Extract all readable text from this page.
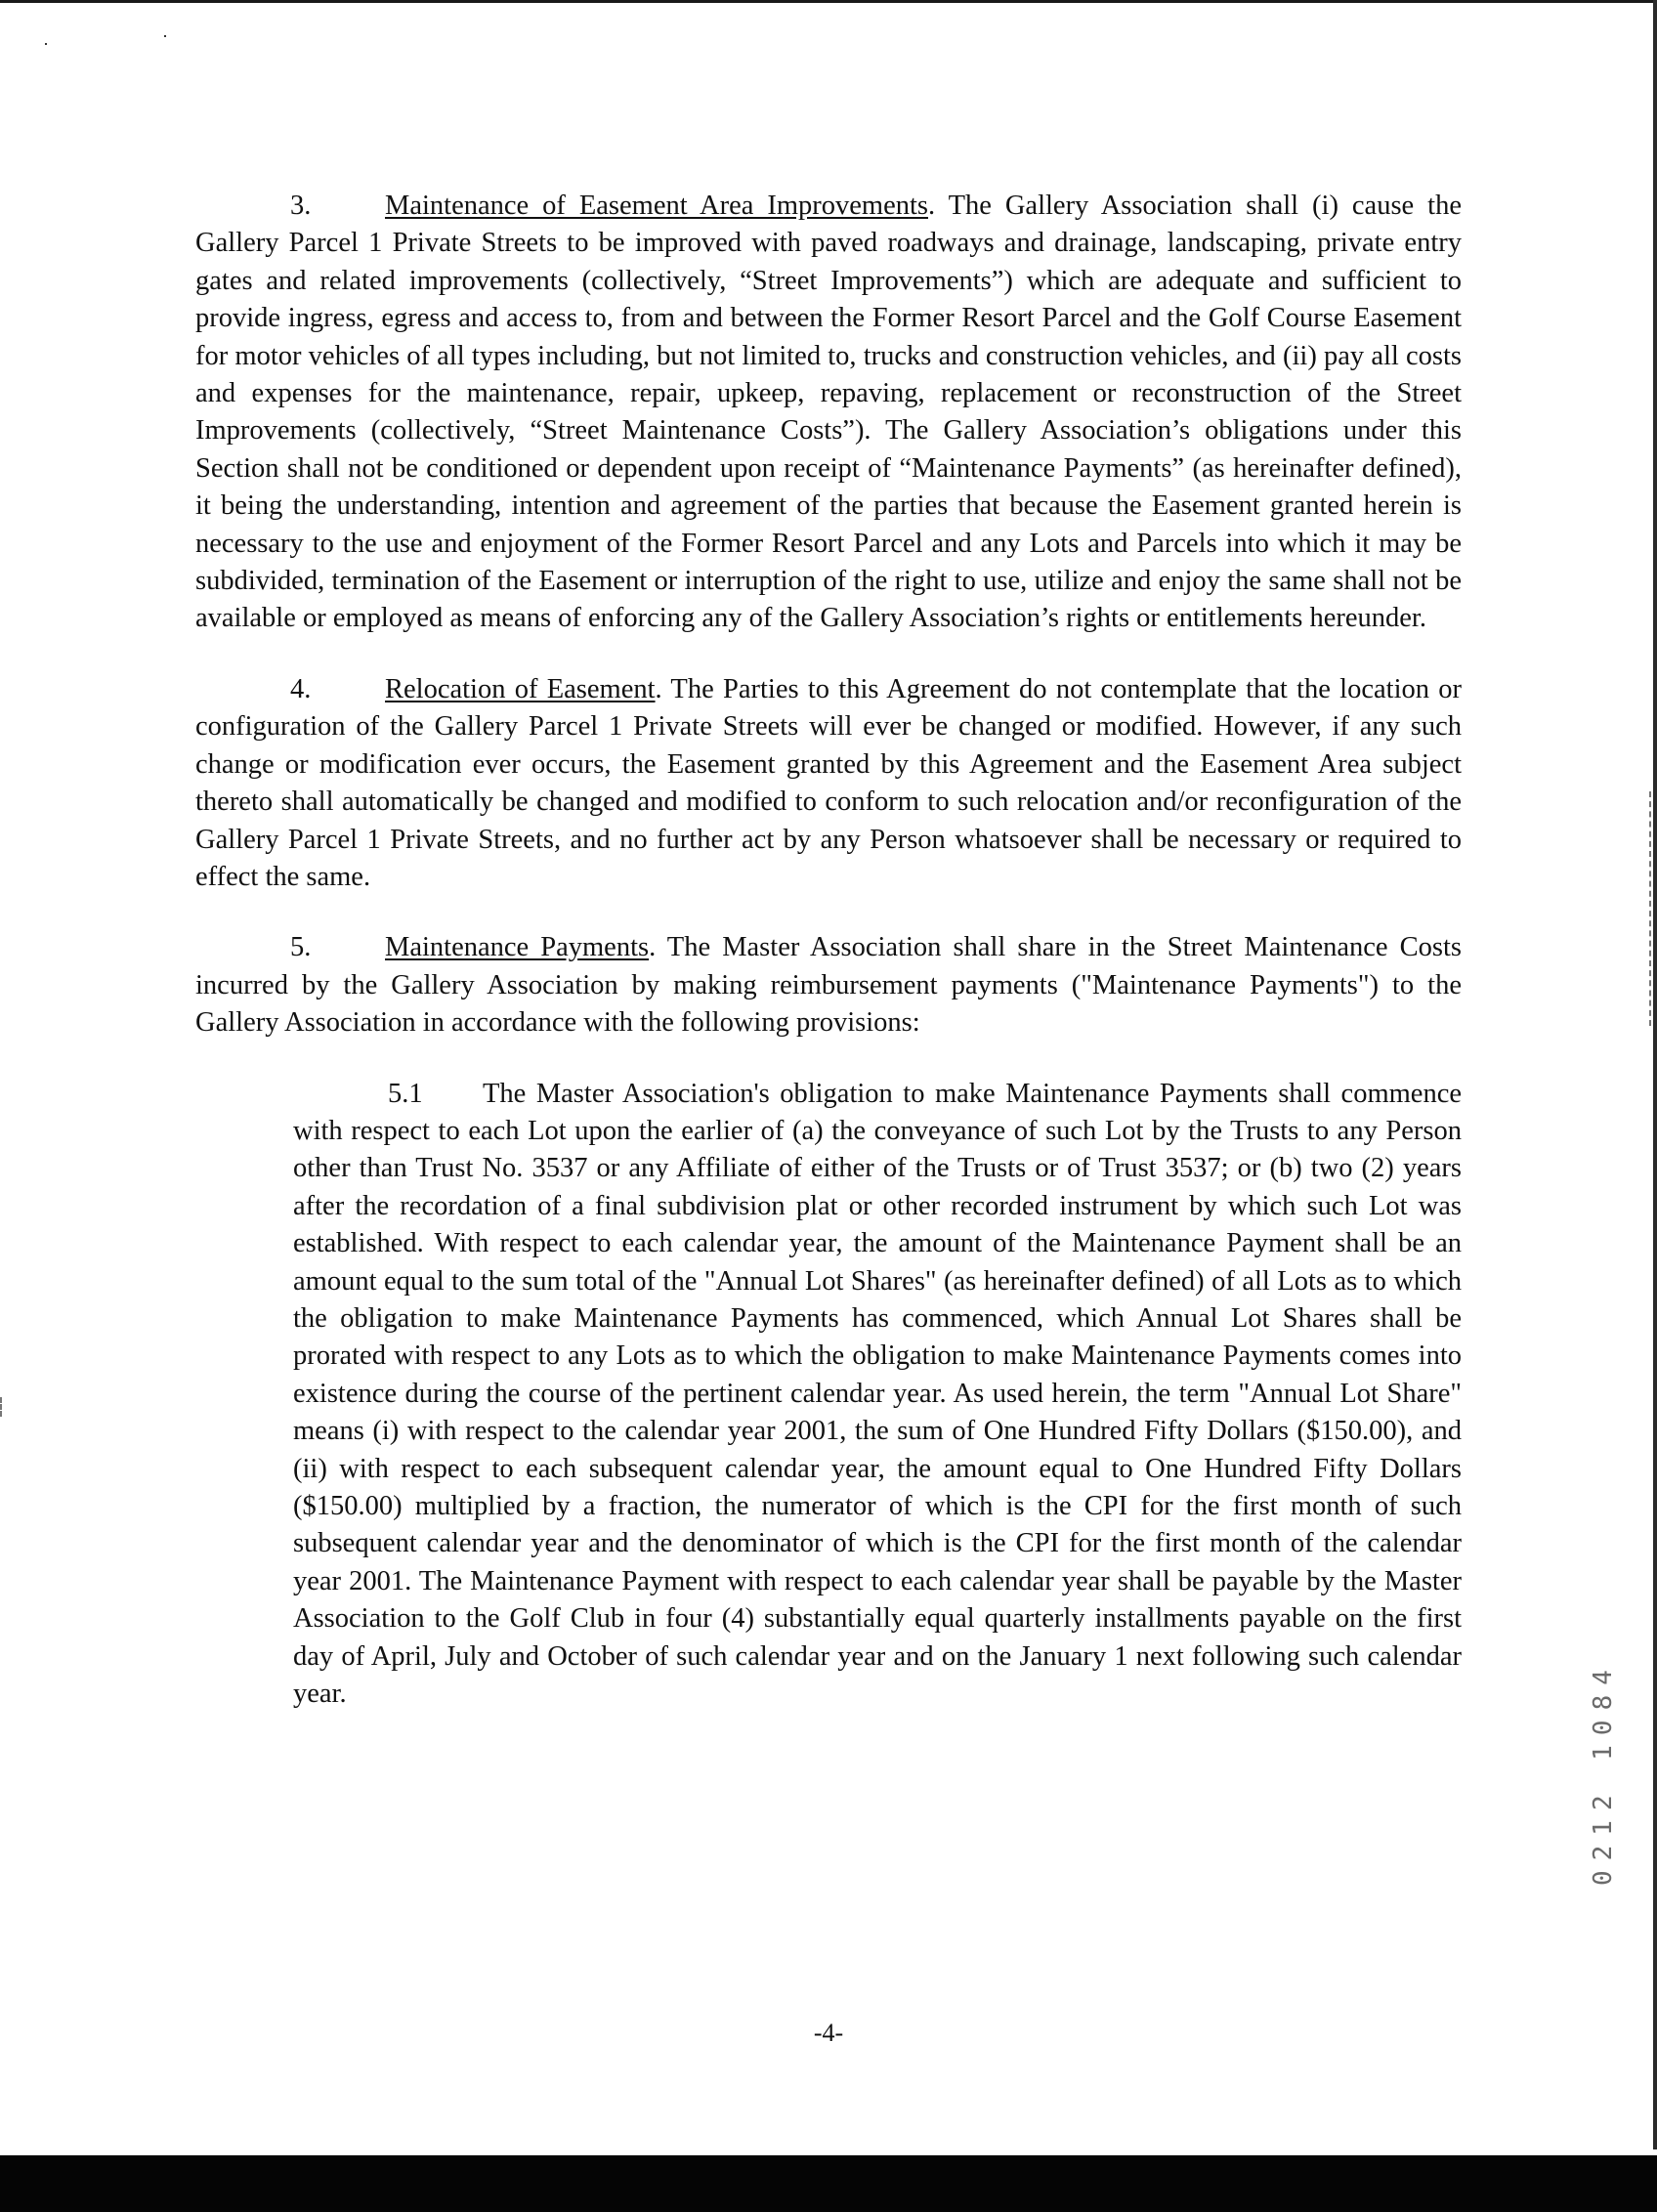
3.	Maintenance of Easement Area Improvements. The Gallery Association shall (i) cause the Gallery Parcel 1 Private Streets to be improved with paved roadways and drainage, landscaping, private entry gates and related improvements (collectively, “Street Improvements”) which are adequate and sufficient to provide ingress, egress and access to, from and between the Former Resort Parcel and the Golf Course Easement for motor vehicles of all types including, but not limited to, trucks and construction vehicles, and (ii) pay all costs and expenses for the maintenance, repair, upkeep, repaving, replacement or reconstruction of the Street Improvements (collectively, “Street Maintenance Costs”). The Gallery Association’s obligations under this Section shall not be conditioned or dependent upon receipt of “Maintenance Payments” (as hereinafter defined), it being the understanding, intention and agreement of the parties that because the Easement granted herein is necessary to the use and enjoyment of the Former Resort Parcel and any Lots and Parcels into which it may be subdivided, termination of the Easement or interruption of the right to use, utilize and enjoy the same shall not be available or employed as means of enforcing any of the Gallery Association’s rights or entitlements hereunder.

4.	Relocation of Easement. The Parties to this Agreement do not contemplate that the location or configuration of the Gallery Parcel 1 Private Streets will ever be changed or modified. However, if any such change or modification ever occurs, the Easement granted by this Agreement and the Easement Area subject thereto shall automatically be changed and modified to conform to such relocation and/or reconfiguration of the Gallery Parcel 1 Private Streets, and no further act by any Person whatsoever shall be necessary or required to effect the same.

5.	Maintenance Payments. The Master Association shall share in the Street Maintenance Costs incurred by the Gallery Association by making reimbursement payments ("Maintenance Payments") to the Gallery Association in accordance with the following provisions:

5.1 The Master Association's obligation to make Maintenance Payments shall commence with respect to each Lot upon the earlier of (a) the conveyance of such Lot by the Trusts to any Person other than Trust No. 3537 or any Affiliate of either of the Trusts or of Trust 3537; or (b) two (2) years after the recordation of a final subdivision plat or other recorded instrument by which such Lot was established. With respect to each calendar year, the amount of the Maintenance Payment shall be an amount equal to the sum total of the "Annual Lot Shares" (as hereinafter defined) of all Lots as to which the obligation to make Maintenance Payments has commenced, which Annual Lot Shares shall be prorated with respect to any Lots as to which the obligation to make Maintenance Payments comes into existence during the course of the pertinent calendar year. As used herein, the term "Annual Lot Share" means (i) with respect to the calendar year 2001, the sum of One Hundred Fifty Dollars ($150.00), and (ii) with respect to each subsequent calendar year, the amount equal to One Hundred Fifty Dollars ($150.00) multiplied by a fraction, the numerator of which is the CPI for the first month of such subsequent calendar year and the denominator of which is the CPI for the first month of the calendar year 2001. The Maintenance Payment with respect to each calendar year shall be payable by the Master Association to the Golf Club in four (4) substantially equal quarterly installments payable on the first day of April, July and October of such calendar year and on the January 1 next following such calendar year.

-4-
0212 1084
